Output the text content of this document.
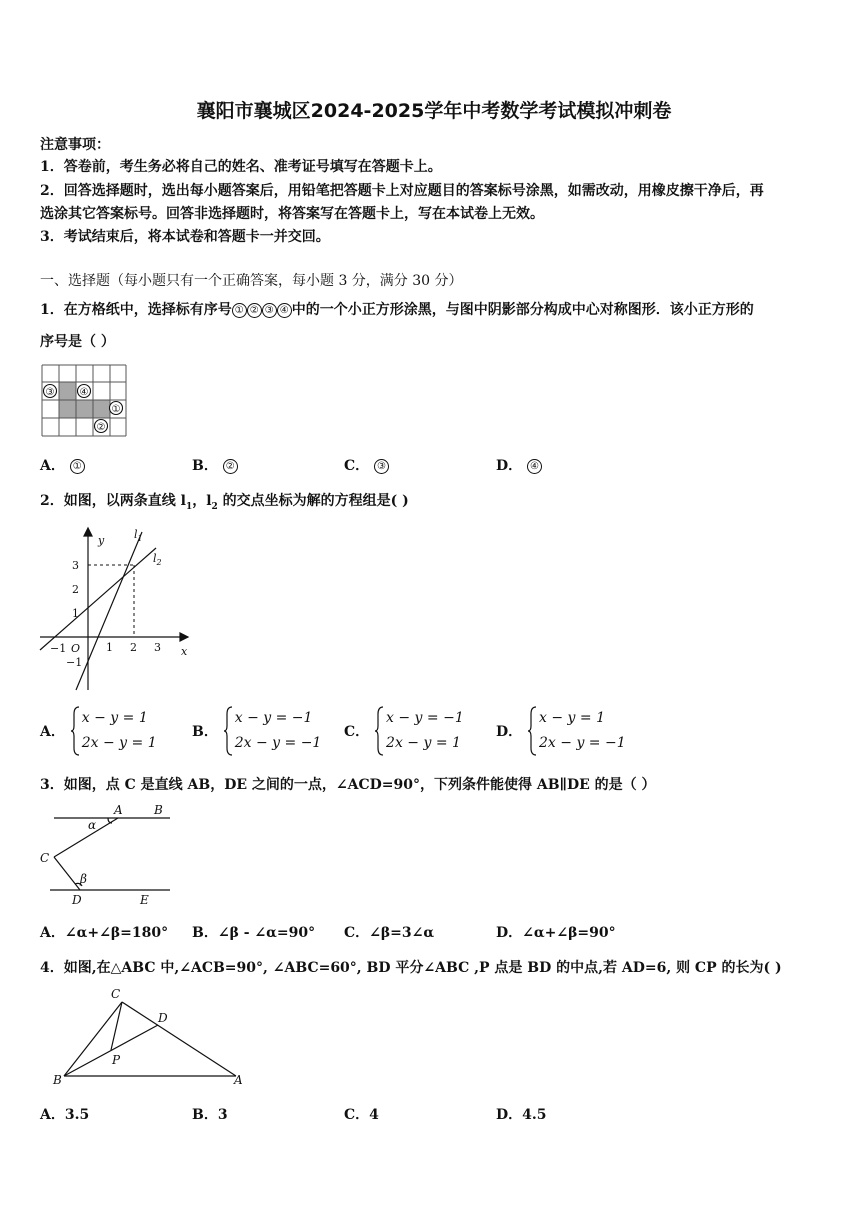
襄阳市襄城区2024-2025学年中考数学考试模拟冲刺卷
注意事项：
1．答卷前，考生务必将自己的姓名、准考证号填写在答题卡上。
2．回答选择题时，选出每小题答案后，用铅笔把答题卡上对应题目的答案标号涂黑，如需改动，用橡皮擦干净后，再
选涂其它答案标号。回答非选择题时，将答案写在答题卡上，写在本试卷上无效。
3．考试结束后，将本试卷和答题卡一并交回。
一、选择题（每小题只有一个正确答案，每小题 3 分，满分 30 分）
1．在方格纸中，选择标有序号 ① ② ③ ④ 中的一个小正方形涂黑，与图中阴影部分构成中心对称图形．该小正方形的
序号是（ ）
③	④
①
②
A． ①	B． ②	C． ③	D． ④
2．如图，以两条直线 $l_1$，$l_2$ 的交点坐标为解的方程组是( )
y
x
O
3
2
1
−1
−1	1 2 3
$l_1$
$l_2$
A．
x − y = 1
2x − y = 1
B．
x − y = −1
2x − y = −1
C．
x − y = −1
2x − y = 1
D．
x − y = 1
2x − y = −1
3．如图，点 C 是直线 AB，DE 之间的一点，∠ACD=90°，下列条件能使得 AB∥DE 的是（ ）
A	B
C
D	E
α
β
A．∠α+∠β=180° B．∠β - ∠α=90° C．∠β=3∠α	D．∠α+∠β=90°
4．如图,在△ABC 中,∠ACB=90°, ∠ABC=60°, BD 平分∠ABC ,P 点是 BD 的中点,若 AD=6, 则 CP 的长为( )
C
D
P
B	A
A．3.5	B．3	C．4	D．4.5
